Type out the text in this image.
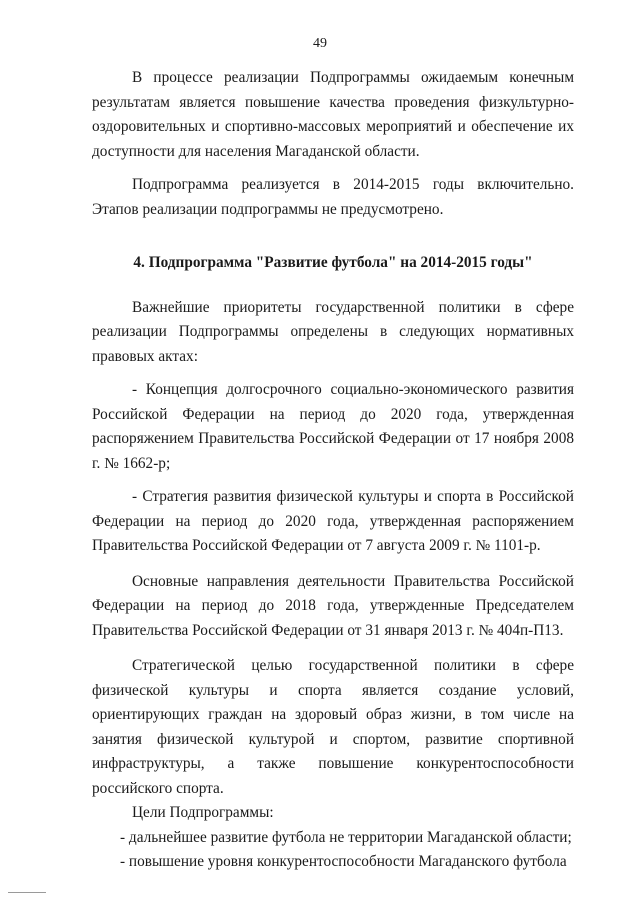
49

В процессе реализации Подпрограммы ожидаемым конечным результатам является повышение качества проведения физкультурно-оздоровительных и спортивно-массовых мероприятий и обеспечение их доступности для населения Магаданской области.

Подпрограмма реализуется в 2014-2015 годы включительно. Этапов реализации подпрограммы не предусмотрено.

4. Подпрограмма "Развитие футбола" на 2014-2015 годы"

Важнейшие приоритеты государственной политики в сфере реализации Подпрограммы определены в следующих нормативных правовых актах:

- Концепция долгосрочного социально-экономического развития Российской Федерации на период до 2020 года, утвержденная распоряжением Правительства Российской Федерации от 17 ноября 2008 г. № 1662-р;

- Стратегия развития физической культуры и спорта в Российской Федерации на период до 2020 года, утвержденная распоряжением Правительства Российской Федерации от 7 августа 2009 г. № 1101-р.

Основные направления деятельности Правительства Российской Федерации на период до 2018 года, утвержденные Председателем Правительства Российской Федерации от 31 января 2013 г. № 404п-П13.

Стратегической целью государственной политики в сфере физической культуры и спорта является создание условий, ориентирующих граждан на здоровый образ жизни, в том числе на занятия физической культурой и спортом, развитие спортивной инфраструктуры, а также повышение конкурентоспособности российского спорта.

Цели Подпрограммы:

- дальнейшее развитие футбола не территории Магаданской области;

- повышение уровня конкурентоспособности Магаданского футбола
